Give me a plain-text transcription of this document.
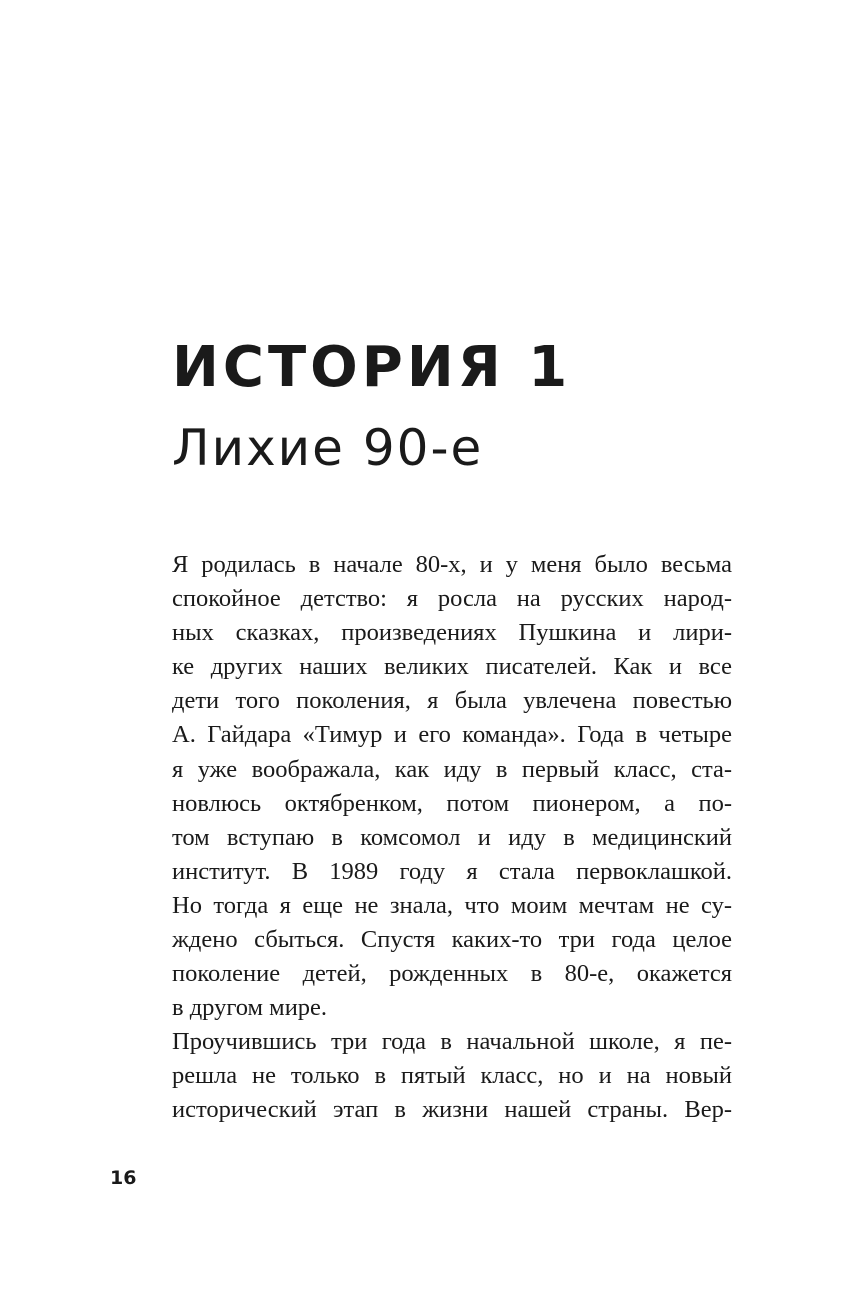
ИСТОРИЯ 1
Лихие 90-е
Я родилась в начале 80-х, и у меня было весьма
спокойное детство: я росла на русских народ-
ных сказках, произведениях Пушкина и лири-
ке других наших великих писателей. Как и все
дети того поколения, я была увлечена повестью
А. Гайдара «Тимур и его команда». Года в четыре
я уже воображала, как иду в первый класс, ста-
новлюсь октябренком, потом пионером, а по-
том вступаю в комсомол и иду в медицинский
институт. В 1989 году я стала первоклашкой.
Но тогда я еще не знала, что моим мечтам не су-
ждено сбыться. Спустя каких-то три года целое
поколение детей, рожденных в 80-е, окажется
в другом мире.
Проучившись три года в начальной школе, я пе-
решла не только в пятый класс, но и на новый
исторический этап в жизни нашей страны. Вер-
16
